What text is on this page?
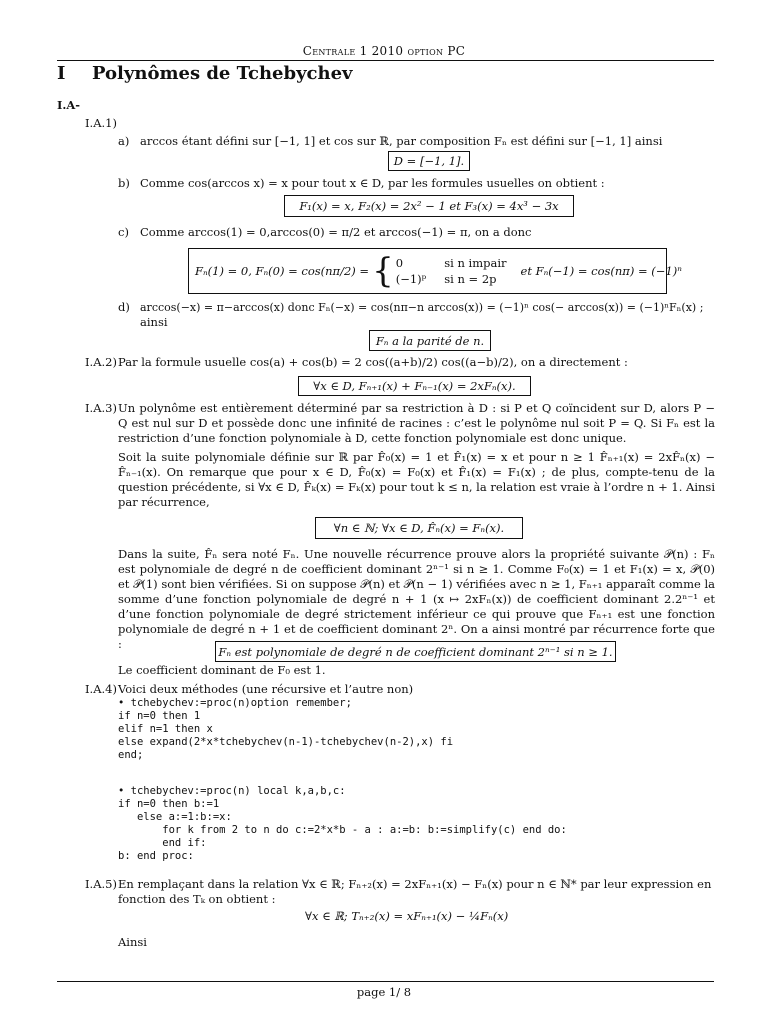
Centrale 1 2010 option PC
I Polynômes de Tchebychev
I.A-
I.A.1)
a) arccos étant défini sur [−1, 1] et cos sur ℝ, par composition Fₙ est défini sur [−1, 1] ainsi
D = [−1, 1].
b) Comme cos(arccos x) = x pour tout x ∈ D, par les formules usuelles on obtient :
F₁(x) = x, F₂(x) = 2x² − 1 et F₃(x) = 4x³ − 3x
c) Comme arccos(1) = 0,arccos(0) = π/2 et arccos(−1) = π, on a donc
Fₙ(1) = 0, Fₙ(0) = cos(nπ/2) = { 0	si n impair
(−1)ᵖ si n = 2p
et Fₙ(−1) = cos(nπ) = (−1)ⁿ
d) arccos(−x) = π−arccos(x) donc Fₙ(−x) = cos(nπ−n arccos(x)) = (−1)ⁿ cos(− arccos(x)) = (−1)ⁿFₙ(x) ;
ainsi
Fₙ a la parité de n.
I.A.2) Par la formule usuelle cos(a) + cos(b) = 2 cos((a+b)/2) cos((a−b)/2), on a directement :
∀x ∈ D, Fₙ₊₁(x) + Fₙ₋₁(x) = 2xFₙ(x).
I.A.3) Un polynôme est entièrement déterminé par sa restriction à D : si P et Q coïncident sur D, alors P − Q est nul sur D et possède donc une infinité de racines : c’est le polynôme nul soit P = Q. Si Fₙ est la restriction d’une fonction polynomiale à D, cette fonction polynomiale est donc unique.
Soit la suite polynomiale définie sur ℝ par F̂₀(x) = 1 et F̂₁(x) = x et pour n ≥ 1 F̂ₙ₊₁(x) = 2xF̂ₙ(x) − F̂ₙ₋₁(x). On remarque que pour x ∈ D, F̂₀(x) = F₀(x) et F̂₁(x) = F₁(x) ; de plus, compte-tenu de la question précédente, si ∀x ∈ D, F̂ₖ(x) = Fₖ(x) pour tout k ≤ n, la relation est vraie à l’ordre n + 1. Ainsi par récurrence,
∀n ∈ ℕ; ∀x ∈ D, F̂ₙ(x) = Fₙ(x).
Dans la suite, F̂ₙ sera noté Fₙ. Une nouvelle récurrence prouve alors la propriété suivante 𝒫(n) : Fₙ est polynomiale de degré n de coefficient dominant 2ⁿ⁻¹ si n ≥ 1. Comme F₀(x) = 1 et F₁(x) = x, 𝒫(0) et 𝒫(1) sont bien vérifiées. Si on suppose 𝒫(n) et 𝒫(n − 1) vérifiées avec n ≥ 1, Fₙ₊₁ apparaît comme la somme d’une fonction polynomiale de degré n + 1 (x ↦ 2xFₙ(x)) de coefficient dominant 2.2ⁿ⁻¹ et d’une fonction polynomiale de degré strictement inférieur ce qui prouve que Fₙ₊₁ est une fonction polynomiale de degré n + 1 et de coefficient dominant 2ⁿ. On a ainsi montré par récurrence forte que :
Fₙ est polynomiale de degré n de coefficient dominant 2ⁿ⁻¹ si n ≥ 1.
Le coefficient dominant de F₀ est 1.
I.A.4) Voici deux méthodes (une récursive et l’autre non)
• tchebychev:=proc(n)option remember;
if n=0 then 1
elif n=1 then x
else expand(2*x*tchebychev(n-1)-tchebychev(n-2),x) fi
end;
• tchebychev:=proc(n) local k,a,b,c:
if n=0 then b:=1
else a:=1:b:=x:
for k from 2 to n do c:=2*x*b - a : a:=b: b:=simplify(c) end do:
end if:
b: end proc:
I.A.5) En remplaçant dans la relation ∀x ∈ ℝ; Fₙ₊₂(x) = 2xFₙ₊₁(x) − Fₙ(x) pour n ∈ ℕ* par leur expression en fonction des Tₖ on obtient :
∀x ∈ ℝ; Tₙ₊₂(x) = xFₙ₊₁(x) − ¼Fₙ(x)
Ainsi
page 1/ 8
